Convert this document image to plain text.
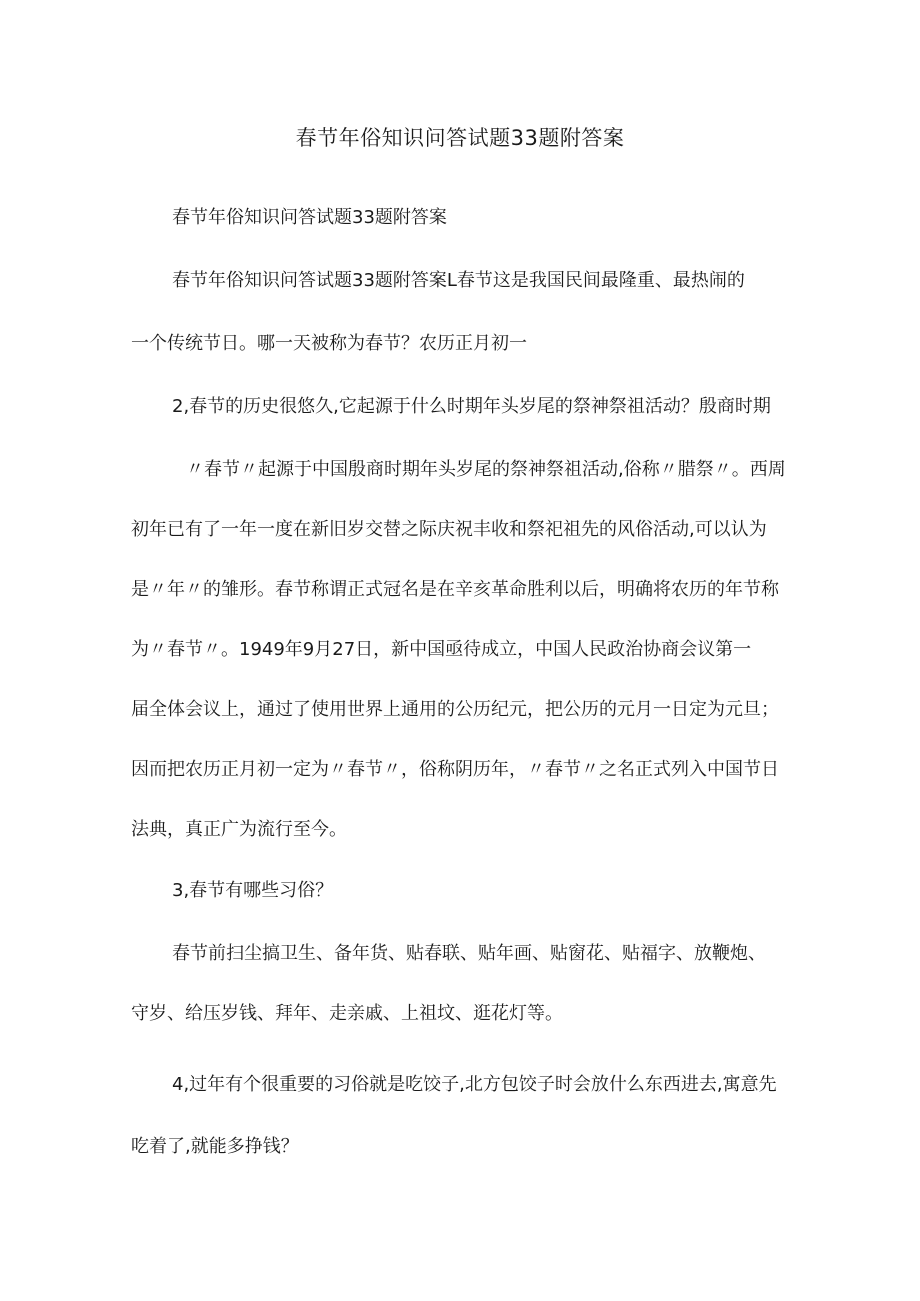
春节年俗知识问答试题33题附答案

春节年俗知识问答试题33题附答案

春节年俗知识问答试题33题附答案L春节这是我国民间最隆重、最热闹的

一个传统节日。哪一天被称为春节？农历正月初一

2,春节的历史很悠久,它起源于什么时期年头岁尾的祭神祭祖活动？殷商时期

〃春节〃起源于中国殷商时期年头岁尾的祭神祭祖活动,俗称〃腊祭〃。西周

初年已有了一年一度在新旧岁交替之际庆祝丰收和祭祀祖先的风俗活动,可以认为

是〃年〃的雏形。春节称谓正式冠名是在辛亥革命胜利以后，明确将农历的年节称

为〃春节〃。1949年9月27日，新中国亟待成立，中国人民政治协商会议第一

届全体会议上，通过了使用世界上通用的公历纪元，把公历的元月一日定为元旦；

因而把农历正月初一定为〃春节〃，俗称阴历年，〃春节〃之名正式列入中国节日

法典，真正广为流行至今。

3,春节有哪些习俗？

春节前扫尘搞卫生、备年货、贴春联、贴年画、贴窗花、贴福字、放鞭炮、

守岁、给压岁钱、拜年、走亲戚、上祖坟、逛花灯等。

4,过年有个很重要的习俗就是吃饺子,北方包饺子时会放什么东西进去,寓意先

吃着了,就能多挣钱？
